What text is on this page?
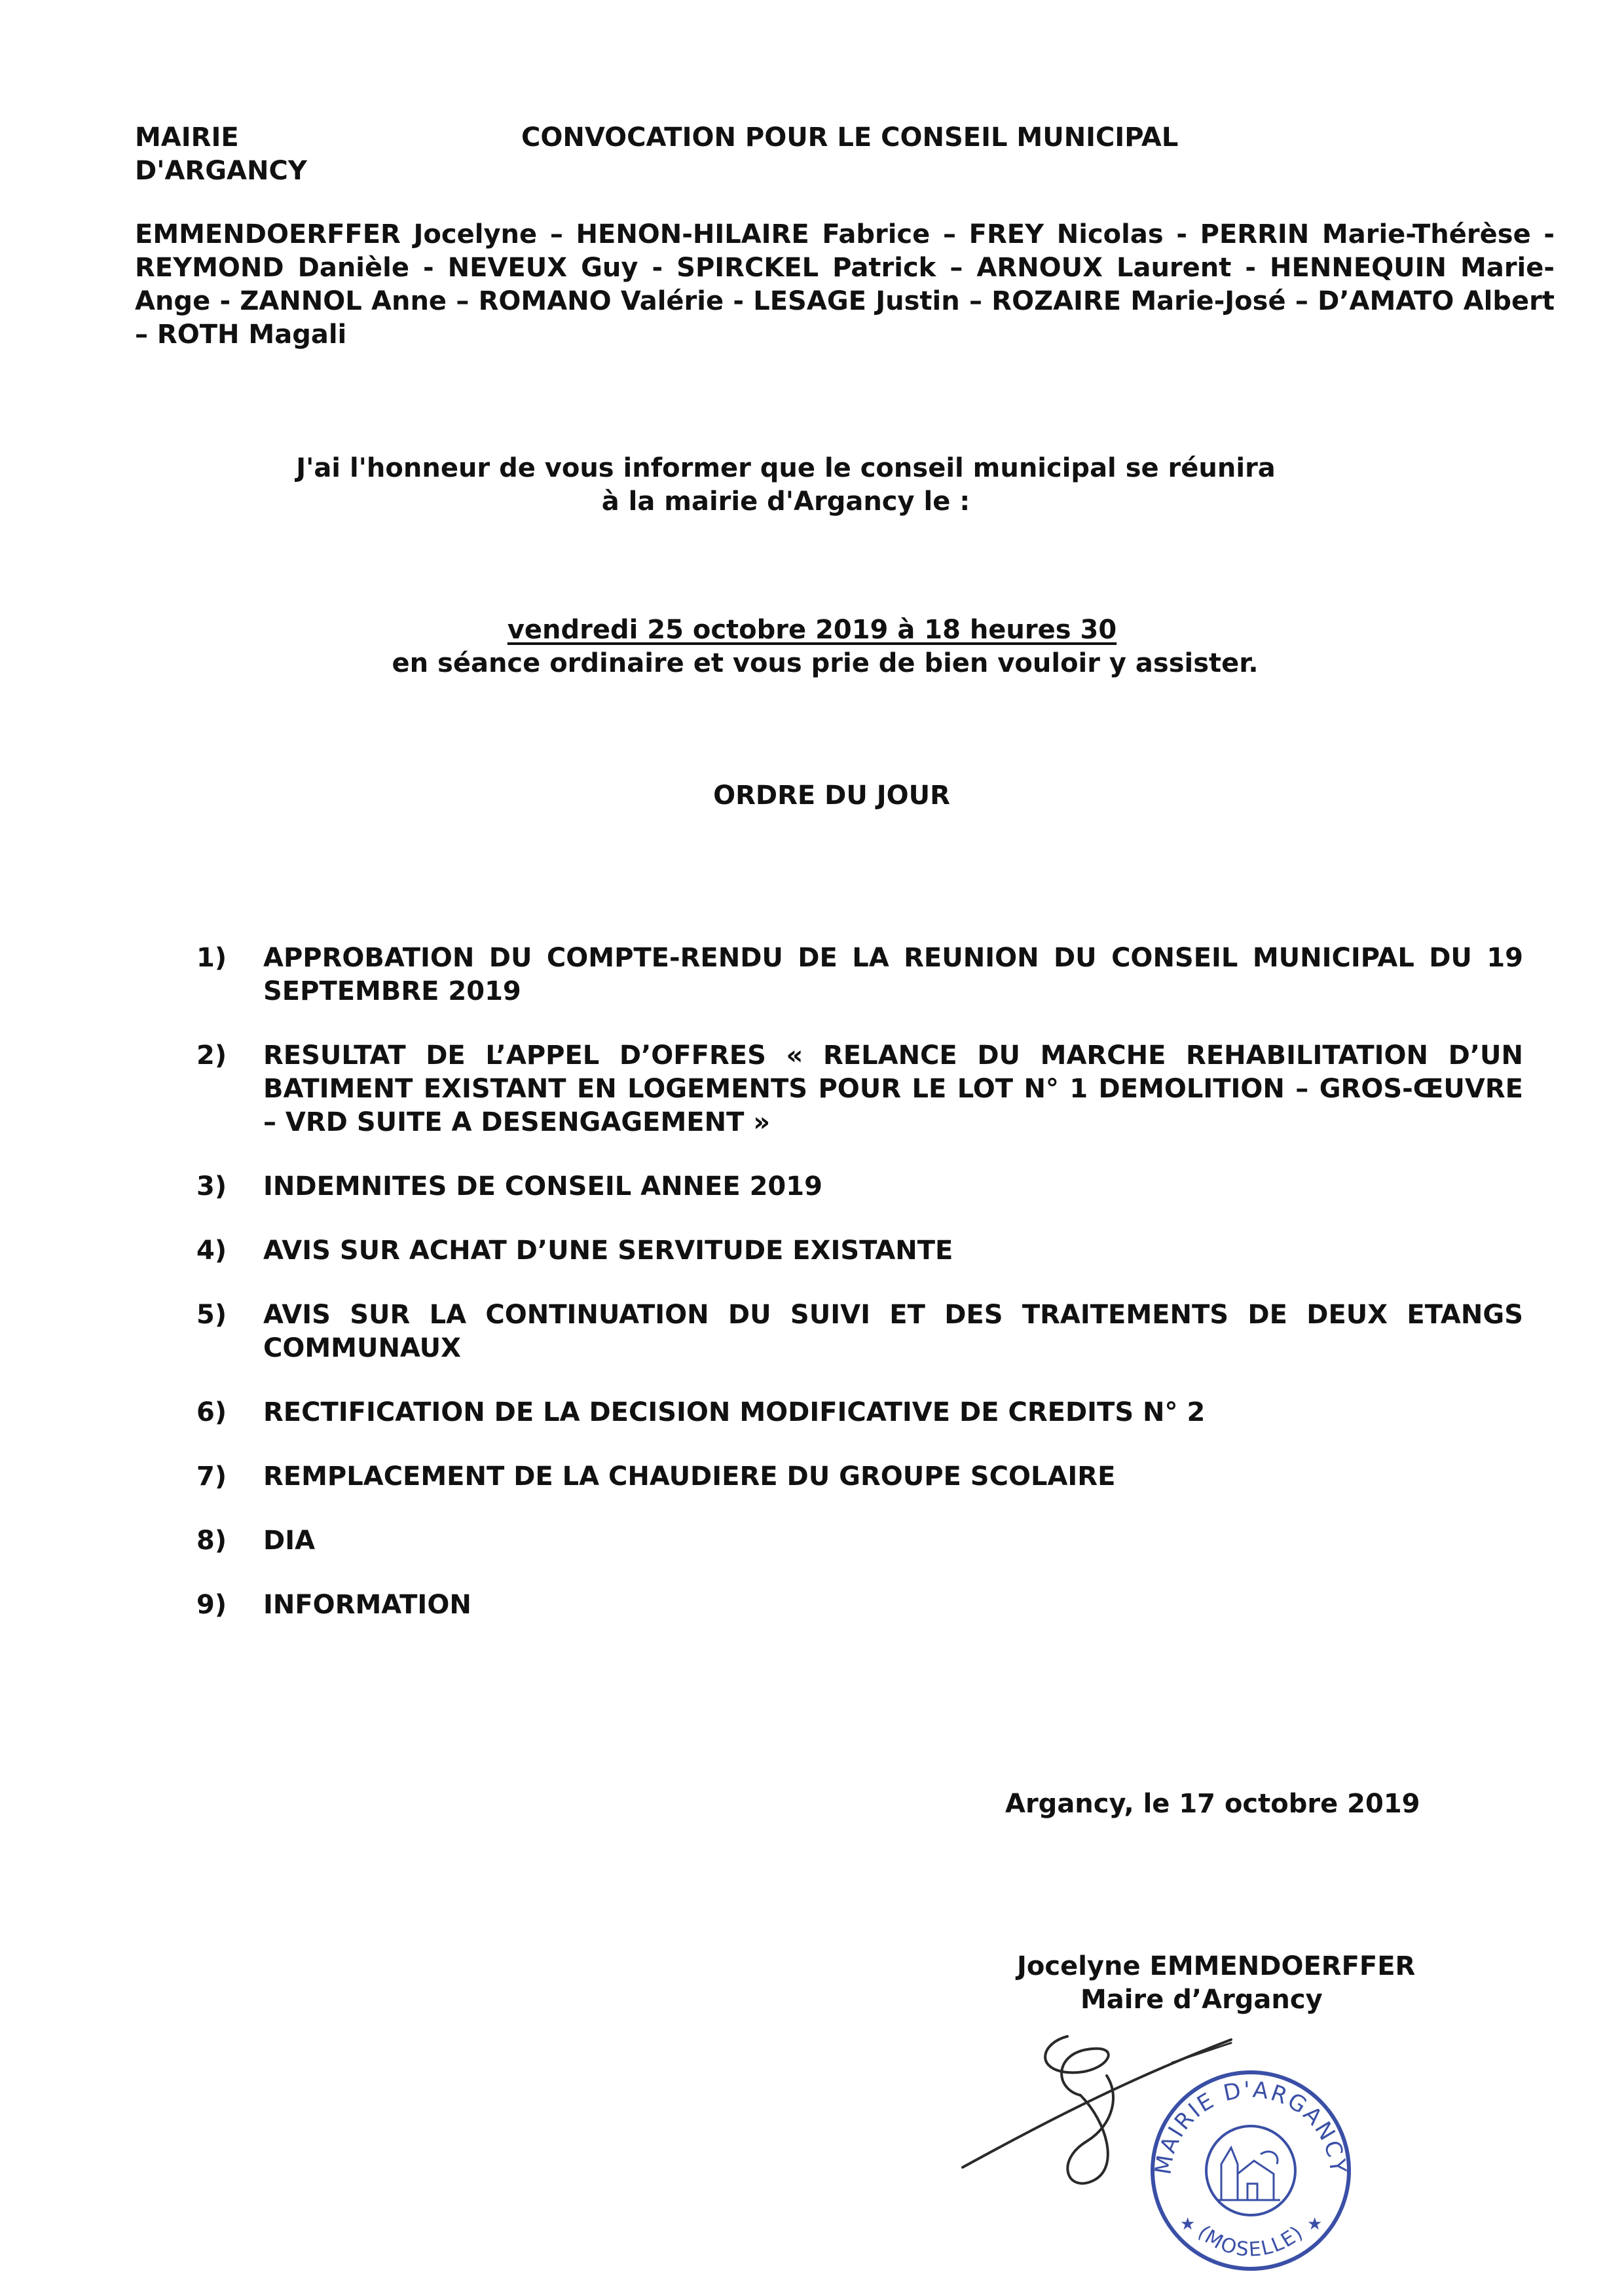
MAIRIE
D'ARGANCY
CONVOCATION POUR LE CONSEIL MUNICIPAL
EMMENDOERFFER Jocelyne – HENON-HILAIRE Fabrice – FREY Nicolas - PERRIN Marie-Thérèse - REYMOND Danièle - NEVEUX Guy - SPIRCKEL Patrick – ARNOUX Laurent - HENNEQUIN Marie-Ange - ZANNOL Anne – ROMANO Valérie - LESAGE Justin – ROZAIRE Marie-José – D’AMATO Albert – ROTH Magali
J'ai l'honneur de vous informer que le conseil municipal se réunira
à la mairie d'Argancy le :
vendredi 25 octobre 2019 à 18 heures 30
en séance ordinaire et vous prie de bien vouloir y assister.
ORDRE DU JOUR
1) APPROBATION DU COMPTE-RENDU DE LA REUNION DU CONSEIL MUNICIPAL DU 19 SEPTEMBRE 2019
2) RESULTAT DE L’APPEL D’OFFRES « RELANCE DU MARCHE REHABILITATION D’UN BATIMENT EXISTANT EN LOGEMENTS POUR LE LOT N° 1 DEMOLITION – GROS-ŒUVRE – VRD SUITE A DESENGAGEMENT »
3) INDEMNITES DE CONSEIL ANNEE 2019
4) AVIS SUR ACHAT D’UNE SERVITUDE EXISTANTE
5) AVIS SUR LA CONTINUATION DU SUIVI ET DES TRAITEMENTS DE DEUX ETANGS COMMUNAUX
6) RECTIFICATION DE LA DECISION MODIFICATIVE DE CREDITS N° 2
7) REMPLACEMENT DE LA CHAUDIERE DU GROUPE SCOLAIRE
8) DIA
9) INFORMATION
Argancy, le 17 octobre 2019
Jocelyne EMMENDOERFFER
Maire d’Argancy
MAIRIE D'ARGANCY
(MOSELLE)
★	★
